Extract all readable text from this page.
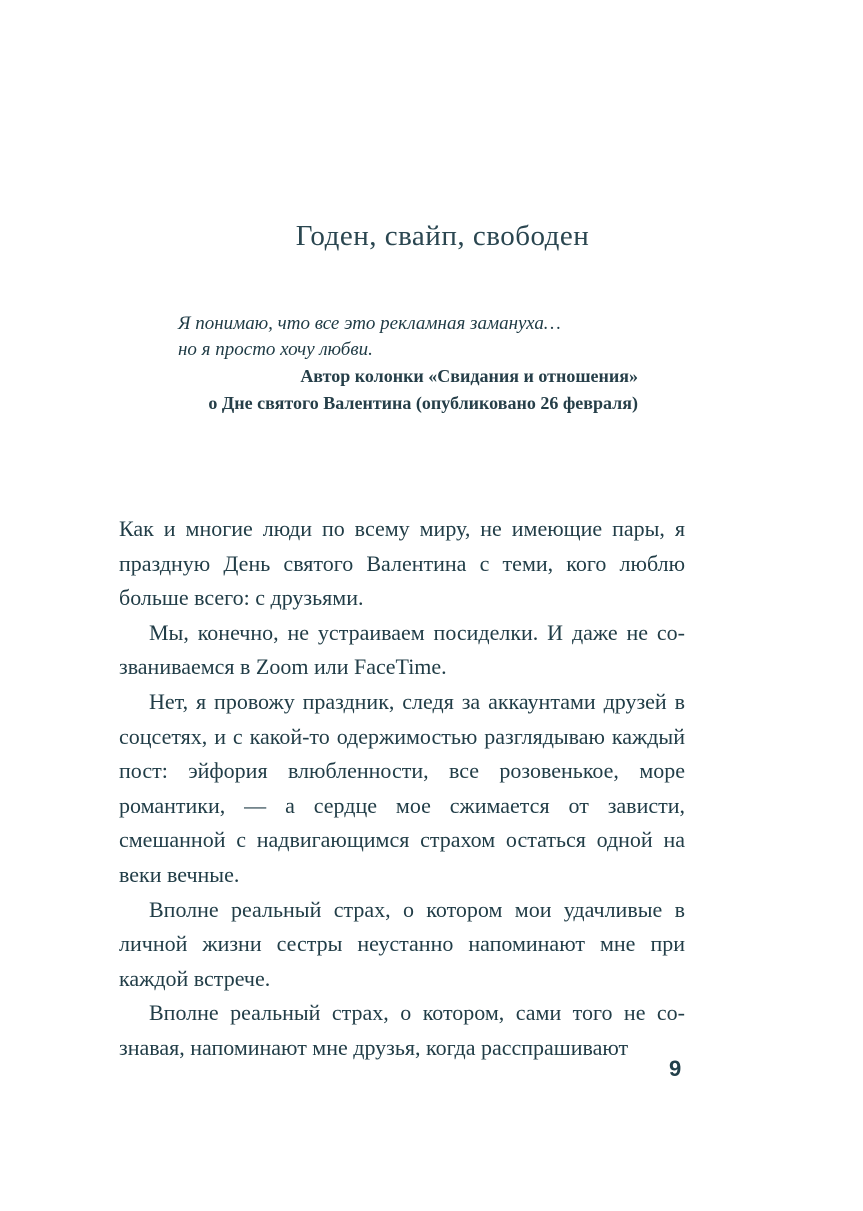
Годен, свайп, свободен

Я понимаю, что все это рекламная замануха…
но я просто хочу любви.

Автор колонки «Свидания и отношения»
о Дне святого Валентина (опубликовано 26 февраля)

Как и многие люди по всему миру, не имеющие пары, я праздную День святого Валентина с теми, кого люблю больше всего: с друзьями.

Мы, конечно, не устраиваем посиделки. И даже не созваниваемся в Zoom или FaceTime.

Нет, я провожу праздник, следя за аккаунтами друзей в соцсетях, и с какой-то одержимостью разглядываю каждый пост: эйфория влюбленности, все розовенькое, море романтики, — а сердце мое сжимается от зависти, смешанной с надвигающимся страхом остаться одной на веки вечные.

Вполне реальный страх, о котором мои удачливые в личной жизни сестры неустанно напоминают мне при каждой встрече.

Вполне реальный страх, о котором, сами того не сознавая, напоминают мне друзья, когда расспрашивают

9
